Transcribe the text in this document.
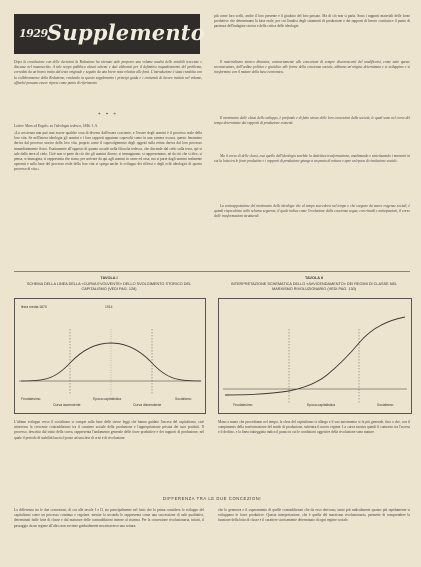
1929 Supplemento
Dopo la conclusione con delle decisioni la Redazione ha ritenuto utile proporre una volume analisi delle notabili tracciate e discusse nel manoscritto. A tale scopo pubblica alcuni schemi e dati elaborati per il definitivo inquadramento del problema, corredati da un brano tratto dal testo originale e seguito da una breve nota relativa alle fonti. L'introduzione è stata condotta con la collaborazione della Redazione, rendendo in questo supplemento i principi guida e i contenuti di lavoro trattati nel volume, affinché possano essere ripresi come punto di riferimento.
* * *
Lettere Marx ed Engels: su l'ideologia tedesca, 1846. I. A.
«La coscienza non può mai essere qualche cosa di diverso dall'essere cosciente, e l'essere degli uomini è il processo reale della loro vita. Se nell'intera ideologia gli uomini e i loro rapporti appaiono capovolti come in una camera oscura, questo fenomeno deriva dal processo storico della loro vita, proprio come il capovolgimento degli oggetti sulla retina deriva dal loro processo immediatamente fisico. Esattamente all'opposto di quanto accade nella filosofia tedesca, che discende dal cielo sulla terra, qui si sale dalla terra al cielo. Cioè non si parte da ciò che gli uomini dicono, si immaginano, si rappresentano, né da ciò che si dice, si pensa, si immagina, si rappresenta che siano, per arrivare da qui agli uomini in carne ed ossa; ma si parte dagli uomini realmente operanti e sulla base del processo reale della loro vita si spiega anche lo sviluppo dei riflessi e degli echi ideologici di questo processo di vita.»
più come loro scelti, anche il loro presente e il giudizio del loro passato. Ma di ciò non si parla. Sono i rapporti materiali delle forze produttive che determinano la base reale, per cui l'analisi degli strumenti di produzione e dei rapporti di lavoro costituisce il punto di partenza dell'indagine storica e della critica delle ideologie.
Il materialismo storico dimostra, contrariamente alle concezioni di sempre disconoscenti del modificarsi, come tutte queste sovrastrutture, dall'ordine politico e giuridico alle forme della coscienza sociale, abbiano un'origine determinata e si sviluppino e si trasformino con il mutare della base economica.
Il movimento delle classi dello sviluppo, è profondo e di fatto stesso delle loro concezioni della società, le quali sono nel corso del tempo determinate dai rapporti di produzione esistenti.
Ma il corso di delle classi, essi quello dell'ideologia sarebbe la dialettica trasformazione, analizzando e sintetizzando i momenti in cui la lotta tra le forze produttive e i rapporti di produzione giunge a un punto di rottura e apre un'epoca di rivoluzione sociale.
La contrapposizione del movimento delle ideologie che al tempo succedersi nel tempo e che sorgono da nuove esigenze sociali, è quindi rispecchiata nello schema seguente, il quale indica come l'evoluzione della coscienza segua, con ritardi e anticipazioni, il corso delle trasformazioni strutturali.
TAVOLA I
SCHEMA DELLA LINEA DELLA «CURVA EVOLVENTE» DELLO SVOLGIMENTO STORICO DEL CAPITALISMO (VEDI PAG. 128)
linea media 1870	1914
Feudalesimo
Curva ascendente
Epoca capitalistica
Curva discendente
Socialismo
TAVOLA II
INTERPRETAZIONE SCHEMATICA DELLO «AVVICENDAMENTO» DEI REGIMI DI CLASSE NEL MARXISMO RIVOLUZIONARIO (VEDI PAG. 130)
Feudalesimo	Epoca capitalistica	Socialismo
L'ultimo sviluppo verso il socialismo si compie sulla base delle stesse leggi che hanno guidato l'ascesa del capitalismo, cioè attraverso la crescente contraddizione tra il carattere sociale della produzione e l'appropriazione privata dei suoi prodotti. Il processo, descritto dal tratto della curva, rappresenta l'andamento generale delle forze produttive e dei rapporti di produzione, nel quale il periodo di stabilità lascia il posto ad una fase di crisi e di rivoluzione.
Mano a mano che procediamo nel tempo, la sfera del capitalismo si allarga e il suo movimento si fa più generale, fino a che, con il compimento della trasformazione del modo di produzione, subentra il nuovo regime. La curva mostra quindi il contrasto tra l'ascesa e il declino, e la linea tratteggiata indica il punto in cui le condizioni oggettive della rivoluzione sono mature.
DIFFERENZA TRA LE DUE CONCEZIONI
La differenza tra le due concezioni, di cui alle tavole I e II, sta principalmente nel fatto che la prima considera lo sviluppo del capitalismo come un processo continuo e regolare, mentre la seconda lo rappresenta come una successione di salti qualitativi, determinati dalle lotte di classe e dal maturare delle contraddizioni interne al sistema. Per la concezione rivoluzionaria, infatti, il passaggio da un regime all'altro non avviene gradualmente ma attraverso una rottura.
che lo generava e il superamento di quelle contraddizioni che da esso derivano, tanto più radicalmente quanto più rapidamente si sviluppano le forze produttive. Questa interpretazione, che è quella del marxismo rivoluzionario, permette di comprendere la funzione della lotta di classe e il carattere storicamente determinato di ogni regime sociale.
